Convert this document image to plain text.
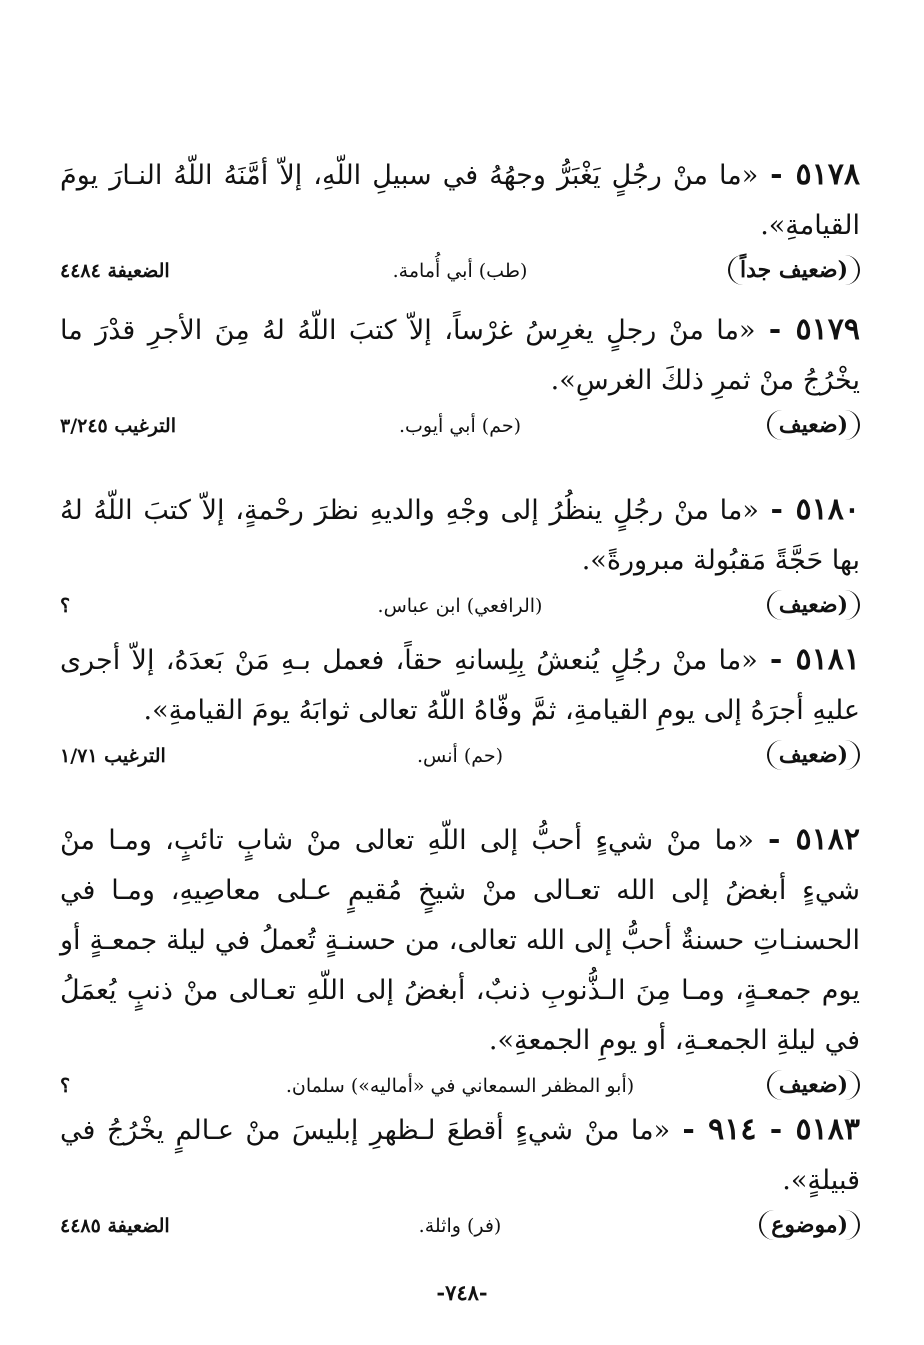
٥١٧٨ - «ما منْ رجُلٍ يَغْبَرُّ وجهُهُ في سبيلِ اللّهِ، إلاّ أمَّنَهُ اللّهُ النـارَ يومَ القيامةِ».

(ضعيف جداً
(طب) أبي أُمامة.
الضعيفة ٤٤٨٤

٥١٧٩ - «ما منْ رجلٍ يغرِسُ غرْساً، إلاّ كتبَ اللّهُ لهُ مِنَ الأجرِ قدْرَ ما يخْرُجُ منْ ثمرِ ذلكَ الغرسِ».

(ضعيف
(حم) أبي أيوب.
الترغيب ٣/٢٤٥

٥١٨٠ - «ما منْ رجُلٍ ينظُرُ إلى وجْهِ والديهِ نظرَ رحْمةٍ، إلاّ كتبَ اللّهُ لهُ بها حَجَّةً مَقبُولة مبرورةً».

(ضعيف
(الرافعي) ابن عباس.
؟

٥١٨١ - «ما منْ رجُلٍ يُنعشُ بِلِسانهِ حقاً، فعمل بـهِ مَنْ بَعدَهُ، إلاّ أجرى عليهِ أجرَهُ إلى يومِ القيامةِ، ثمَّ وفّاهُ اللّهُ تعالى ثوابَهُ يومَ القيامةِ».

(ضعيف
(حم) أنس.
الترغيب ١/٧١

٥١٨٢ - «ما منْ شيءٍ أحبُّ إلى اللّهِ تعالى منْ شابٍ تائبٍ، ومـا منْ شيءٍ أبغضُ إلى الله تعـالى منْ شيخٍ مُقيمٍ عـلى معاصِيهِ، ومـا في الحسنـاتِ حسنةٌ أحبُّ إلى الله تعالى، من حسنـةٍ تُعملُ في ليلة جمعـةٍ أو يوم جمعـةٍ، ومـا مِنَ الـذُّنوبِ ذنبٌ، أبغضُ إلى اللّهِ تعـالى منْ ذنبٍ يُعمَلُ في ليلةِ الجمعـةِ، أو يومِ الجمعةِ».

(ضعيف
(أبو المظفر السمعاني في «أماليه») سلمان.
؟

٥١٨٣ - ٩١٤ - «ما منْ شيءٍ أقطعَ لـظهرِ إبليسَ منْ عـالمٍ يخْرُجُ في قبيلةٍ».

(موضوع
(فر) واثلة.
الضعيفة ٤٤٨٥
-٧٤٨-
